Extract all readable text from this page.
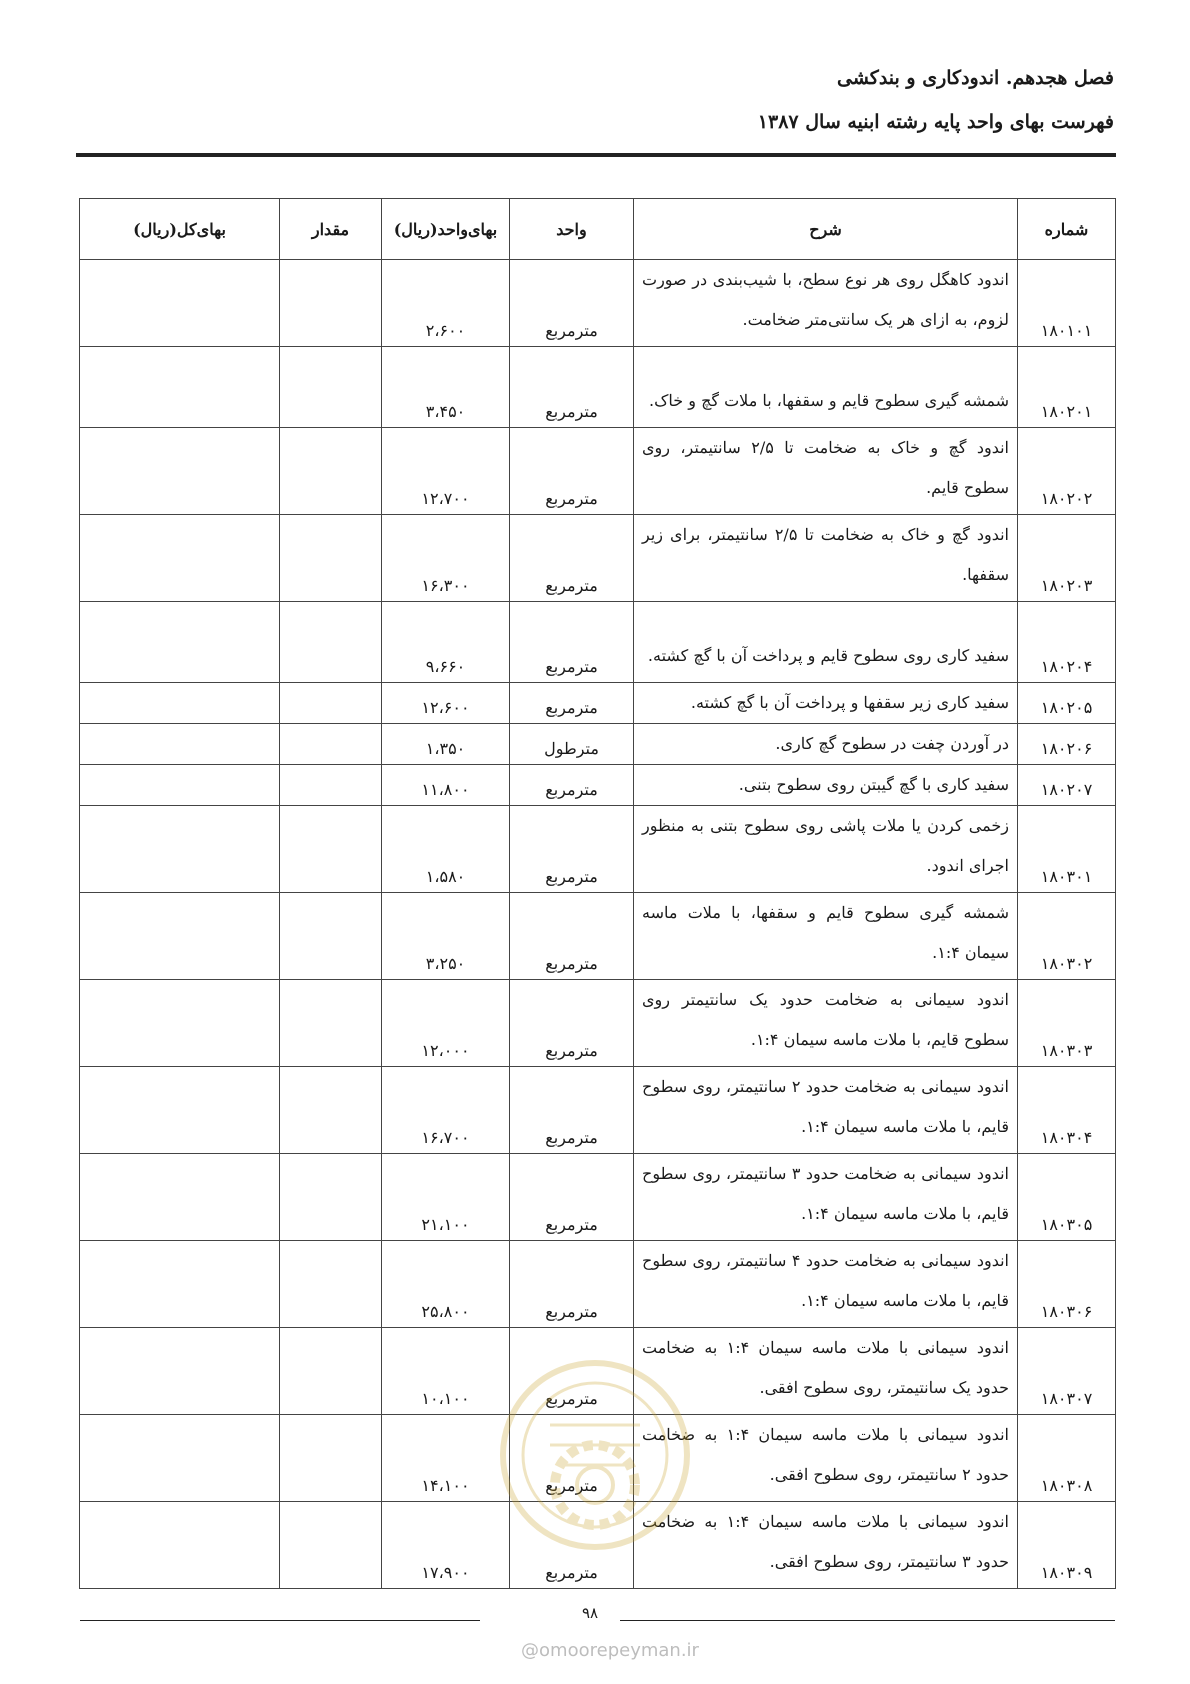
فصل هجدهم. اندودکاری و بندکشی
فهرست بهای واحد پایه رشته ابنیه سال ۱۳۸۷
شماره	شرح	واحد	بهای‌واحد(ریال)	مقدار	بهای‌کل(ریال)
۱۸۰۱۰۱	اندود کاهگل روی هر نوع سطح، با شیب‌بندی در صورت لزوم، به ازای هر یک سانتی‌متر ضخامت.	مترمربع	۲،۶۰۰		
۱۸۰۲۰۱	شمشه گیری سطوح قایم و سقفها، با ملات گچ و خاک.	مترمربع	۳،۴۵۰		
۱۸۰۲۰۲	اندود گچ و خاک به ضخامت تا ۲/۵ سانتیمتر، روی سطوح قایم.	مترمربع	۱۲،۷۰۰		
۱۸۰۲۰۳	اندود گچ و خاک به ضخامت تا ۲/۵ سانتیمتر، برای زیر سقفها.	مترمربع	۱۶،۳۰۰		
۱۸۰۲۰۴	سفید کاری روی سطوح قایم و پرداخت آن با گچ کشته.	مترمربع	۹،۶۶۰		
۱۸۰۲۰۵	سفید کاری زیر سقفها و پرداخت آن با گچ کشته.	مترمربع	۱۲،۶۰۰		
۱۸۰۲۰۶	در آوردن چفت در سطوح گچ کاری.	مترطول	۱،۳۵۰		
۱۸۰۲۰۷	سفید کاری با گچ گیبتن روی سطوح بتنی.	مترمربع	۱۱،۸۰۰		
۱۸۰۳۰۱	زخمی کردن یا ملات پاشی روی سطوح بتنی به منظور اجرای اندود.	مترمربع	۱،۵۸۰		
۱۸۰۳۰۲	شمشه گیری سطوح قایم و سقفها، با ملات ماسه سیمان ۱:۴.	مترمربع	۳،۲۵۰		
۱۸۰۳۰۳	اندود سیمانی به ضخامت حدود یک سانتیمتر روی سطوح قایم، با ملات ماسه سیمان ۱:۴.	مترمربع	۱۲،۰۰۰		
۱۸۰۳۰۴	اندود سیمانی به ضخامت حدود ۲ سانتیمتر، روی سطوح قایم، با ملات ماسه سیمان ۱:۴.	مترمربع	۱۶،۷۰۰		
۱۸۰۳۰۵	اندود سیمانی به ضخامت حدود ۳ سانتیمتر، روی سطوح قایم، با ملات ماسه سیمان ۱:۴.	مترمربع	۲۱،۱۰۰		
۱۸۰۳۰۶	اندود سیمانی به ضخامت حدود ۴ سانتیمتر، روی سطوح قایم، با ملات ماسه سیمان ۱:۴.	مترمربع	۲۵،۸۰۰		
۱۸۰۳۰۷	اندود سیمانی با ملات ماسه سیمان ۱:۴ به ضخامت حدود یک سانتیمتر، روی سطوح افقی.	مترمربع	۱۰،۱۰۰		
۱۸۰۳۰۸	اندود سیمانی با ملات ماسه سیمان ۱:۴ به ضخامت حدود ۲ سانتیمتر، روی سطوح افقی.	مترمربع	۱۴،۱۰۰		
۱۸۰۳۰۹	اندود سیمانی با ملات ماسه سیمان ۱:۴ به ضخامت حدود ۳ سانتیمتر، روی سطوح افقی.	مترمربع	۱۷،۹۰۰		
۹۸
@omoorepeyman.ir
